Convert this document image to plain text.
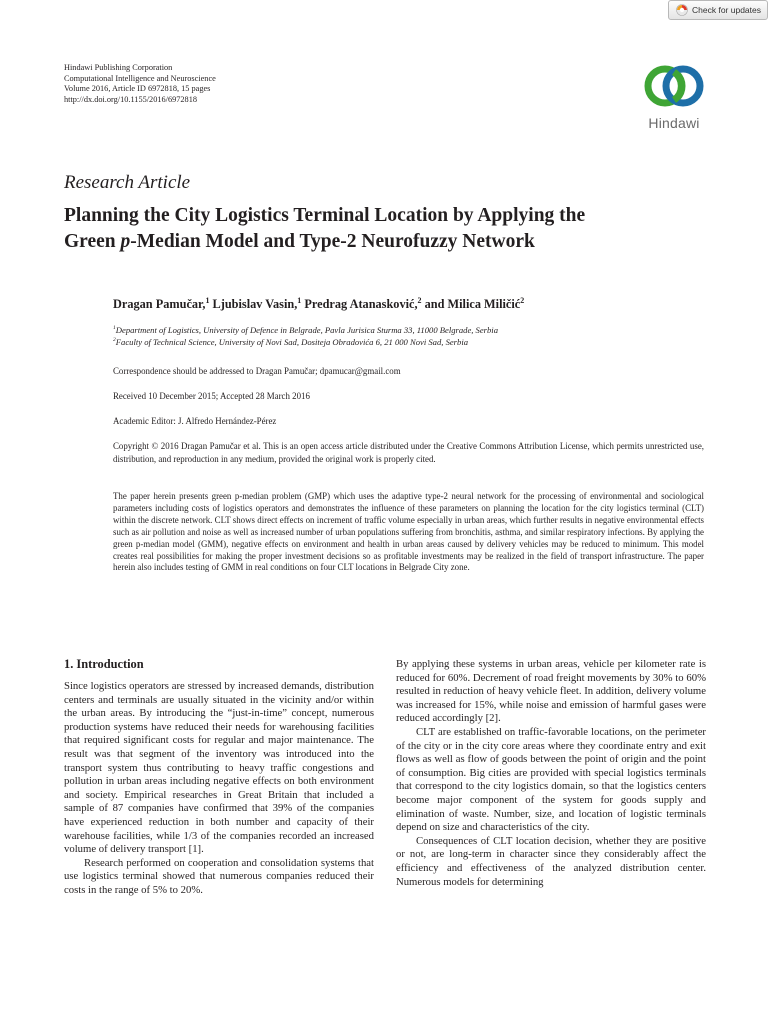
Check for updates
Hindawi Publishing Corporation
Computational Intelligence and Neuroscience
Volume 2016, Article ID 6972818, 15 pages
http://dx.doi.org/10.1155/2016/6972818
Hindawi
Research Article
Planning the City Logistics Terminal Location by Applying the
Green p-Median Model and Type-2 Neurofuzzy Network
Dragan Pamučar,$^1$ Ljubislav Vasin,$^1$ Predrag Atanasković,$^2$ and Milica Miličić$^2$
$^1$Department of Logistics, University of Defence in Belgrade, Pavla Jurisica Sturma 33, 11000 Belgrade, Serbia
$^2$Faculty of Technical Science, University of Novi Sad, Dositeja Obradovića 6, 21 000 Novi Sad, Serbia
Correspondence should be addressed to Dragan Pamučar; dpamucar@gmail.com
Received 10 December 2015; Accepted 28 March 2016
Academic Editor: J. Alfredo Hernández-Pérez
Copyright © 2016 Dragan Pamučar et al. This is an open access article distributed under the Creative Commons Attribution License, which permits unrestricted use, distribution, and reproduction in any medium, provided the original work is properly cited.
The paper herein presents green p-median problem (GMP) which uses the adaptive type-2 neural network for the processing of environmental and sociological parameters including costs of logistics operators and demonstrates the influence of these parameters on planning the location for the city logistics terminal (CLT) within the discrete network. CLT shows direct effects on increment of traffic volume especially in urban areas, which further results in negative environmental effects such as air pollution and noise as well as increased number of urban populations suffering from bronchitis, asthma, and similar respiratory infections. By applying the green p-median model (GMM), negative effects on environment and health in urban areas caused by delivery vehicles may be reduced to minimum. This model creates real possibilities for making the proper investment decisions so as profitable investments may be realized in the field of transport infrastructure. The paper herein also includes testing of GMM in real conditions on four CLT locations in Belgrade City zone.
1. Introduction

Since logistics operators are stressed by increased demands, distribution centers and terminals are usually situated in the vicinity and/or within the urban areas. By introducing the “just-in-time” concept, numerous production systems have reduced their needs for warehousing facilities that required significant costs for regular and major maintenance. The result was that segment of the inventory was introduced into the transport system thus contributing to heavy traffic congestions and pollution in urban areas including negative effects on both environment and society. Empirical researches in Great Britain that included a sample of 87 companies have confirmed that 39% of the companies have experienced reduction in both number and capacity of their warehouse facilities, while 1/3 of the companies recorded an increased volume of delivery transport [1].

Research performed on cooperation and consolidation systems that use logistics terminal showed that numerous companies reduced their costs in the range of 5% to 20%.

By applying these systems in urban areas, vehicle per kilometer rate is reduced for 60%. Decrement of road freight movements by 30% to 60% resulted in reduction of heavy vehicle fleet. In addition, delivery volume was increased for 15%, while noise and emission of harmful gases were reduced accordingly [2].

CLT are established on traffic-favorable locations, on the perimeter of the city or in the city core areas where they coordinate entry and exit flows as well as flow of goods between the point of origin and the point of consumption. Big cities are provided with special logistics terminals that correspond to the city logistics domain, so that the logistics centers become major component of the system for goods supply and elimination of waste. Number, size, and location of logistic terminals depend on size and characteristics of the city.

Consequences of CLT location decision, whether they are positive or not, are long-term in character since they considerably affect the efficiency and effectiveness of the analyzed distribution center. Numerous models for determining
